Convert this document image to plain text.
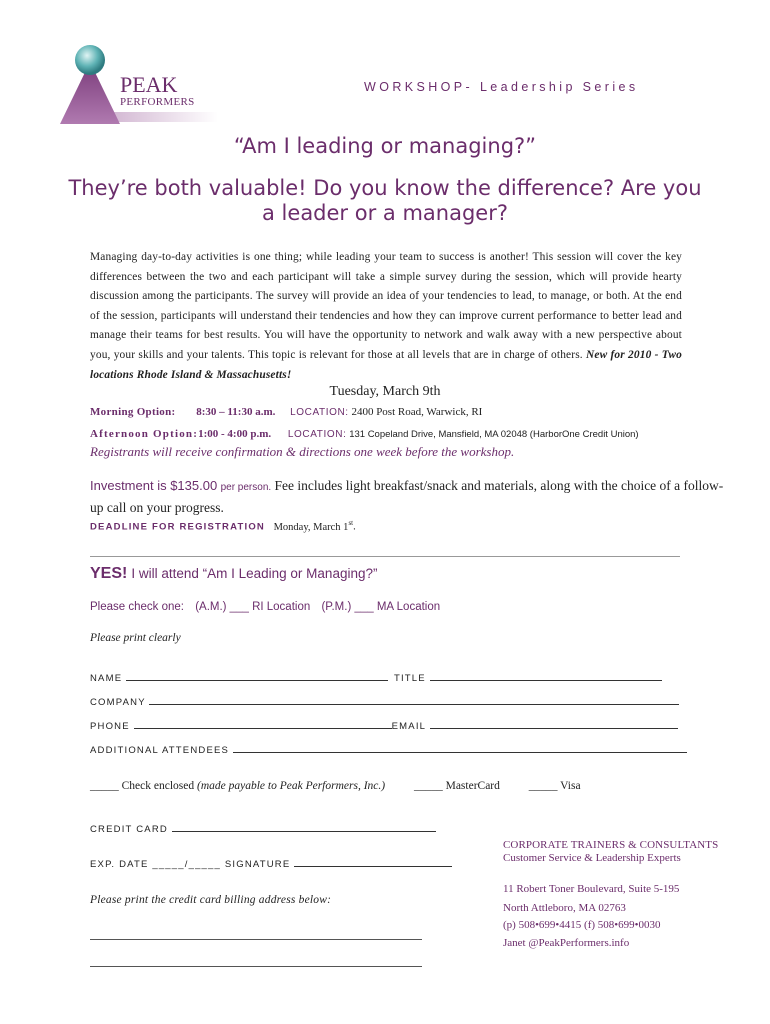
PEAK
PERFORMERS
WORKSHOP- Leadership Series
“Am I leading or managing?”
They’re both valuable! Do you know the difference? Are you a leader or a manager?
Managing day-to-day activities is one thing; while leading your team to success is another! This session will cover the key differences between the two and each participant will take a simple survey during the session, which will provide hearty discussion among the participants. The survey will provide an idea of your tendencies to lead, to manage, or both. At the end of the session, participants will understand their tendencies and how they can improve current performance to better lead and manage their teams for best results. You will have the opportunity to network and walk away with a new perspective about you, your skills and your talents. This topic is relevant for those at all levels that are in charge of others. New for 2010 - Two locations Rhode Island & Massachusetts!
Tuesday, March 9th
Morning Option: 8:30 – 11:30 a.m. LOCATION: 2400 Post Road, Warwick, RI
Afternoon Option:1:00 - 4:00 p.m. LOCATION: 131 Copeland Drive, Mansfield, MA 02048 (HarborOne Credit Union)
Registrants will receive confirmation & directions one week before the workshop.
Investment is $135.00 per person. Fee includes light breakfast/snack and materials, along with the choice of a follow-up call on your progress.
DEADLINE FOR REGISTRATION Monday, March 1st.
YES! I will attend “Am I Leading or Managing?”
Please check one: (A.M.) ___ RI Location (P.M.) ___ MA Location
Please print clearly
NAME	TITLE
COMPANY
PHONE	EMAIL
ADDITIONAL ATTENDEES
_____ Check enclosed (made payable to Peak Performers, Inc.)	_____ MasterCard	_____ Visa
CREDIT CARD
EXP. DATE _____/_____ SIGNATURE
Please print the credit card billing address below:
CORPORATE TRAINERS & CONSULTANTS
Customer Service & Leadership Experts
11 Robert Toner Boulevard, Suite 5-195
North Attleboro, MA 02763
(p) 508•699•4415 (f) 508•699•0030
Janet @PeakPerformers.info
